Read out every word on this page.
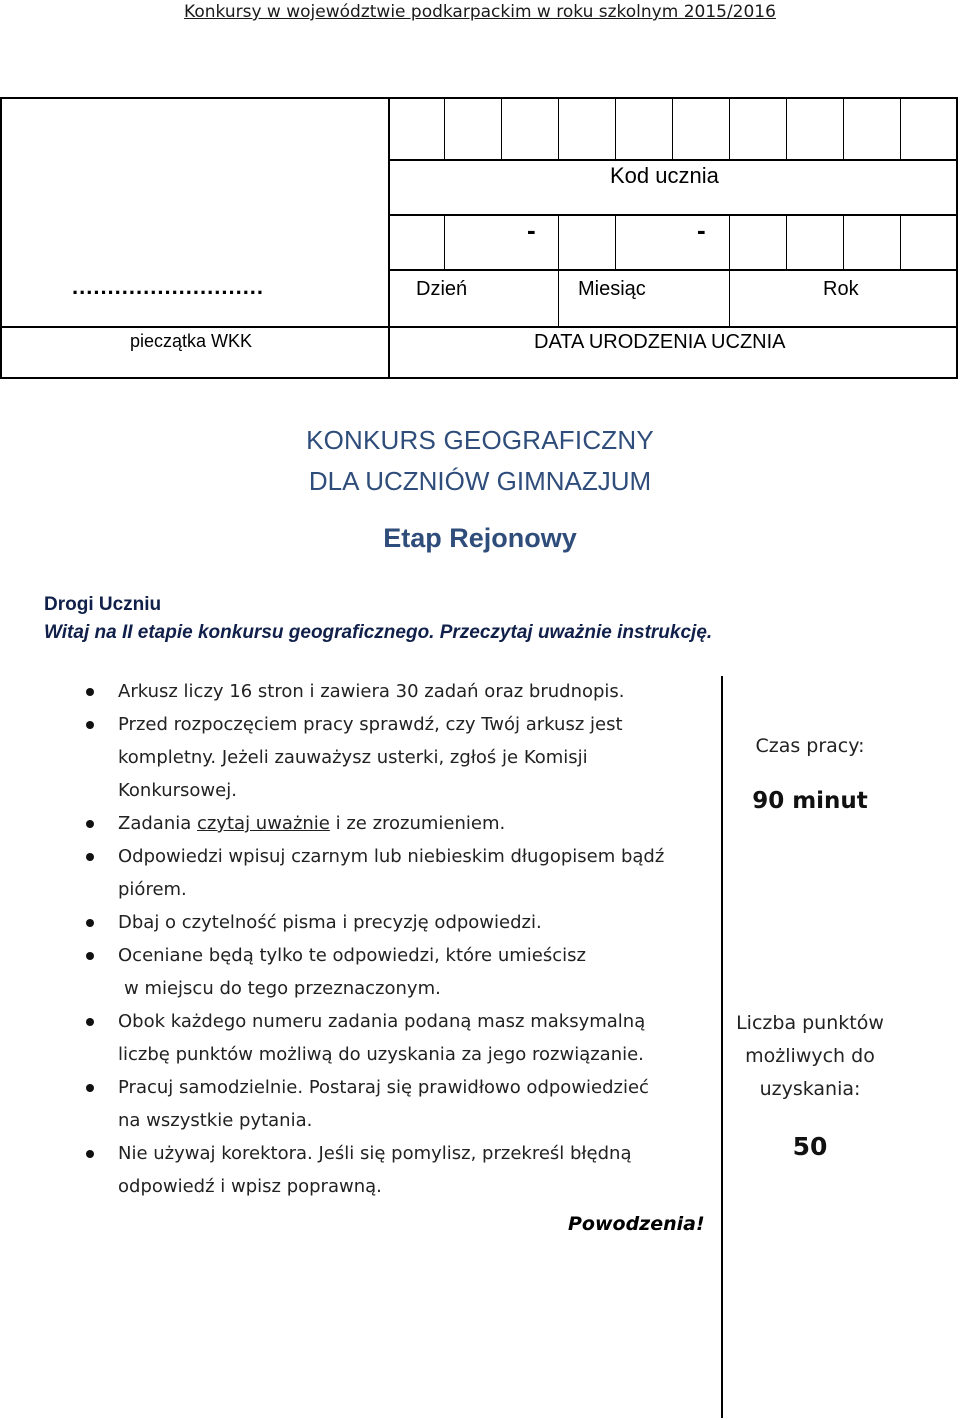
Konkursy w województwie podkarpackim w roku szkolnym 2015/2016
Kod ucznia
-	-
...........................	Dzień	Miesiąc	Rok
pieczątka WKK	DATA URODZENIA UCZNIA
KONKURS GEOGRAFICZNY
DLA UCZNIÓW GIMNAZJUM
Etap Rejonowy
Drogi Uczniu
Witaj na II etapie konkursu geograficznego. Przeczytaj uważnie instrukcję.
Arkusz liczy 16 stron i zawiera 30 zadań oraz brudnopis.
Przed rozpoczęciem pracy sprawdź, czy Twój arkusz jest
kompletny. Jeżeli zauważysz usterki, zgłoś je Komisji
Konkursowej.
Zadania czytaj uważnie i ze zrozumieniem.
Odpowiedzi wpisuj czarnym lub niebieskim długopisem bądź
piórem.
Dbaj o czytelność pisma i precyzję odpowiedzi.
Oceniane będą tylko te odpowiedzi, które umieścisz
w miejscu do tego przeznaczonym.
Obok każdego numeru zadania podaną masz maksymalną
liczbę punktów możliwą do uzyskania za jego rozwiązanie.
Pracuj samodzielnie. Postaraj się prawidłowo odpowiedzieć
na wszystkie pytania.
Nie używaj korektora. Jeśli się pomylisz, przekreśl błędną
odpowiedź i wpisz poprawną.
Powodzenia!
Czas pracy:
90 minut
Liczba punktów
możliwych do
uzyskania:
50
